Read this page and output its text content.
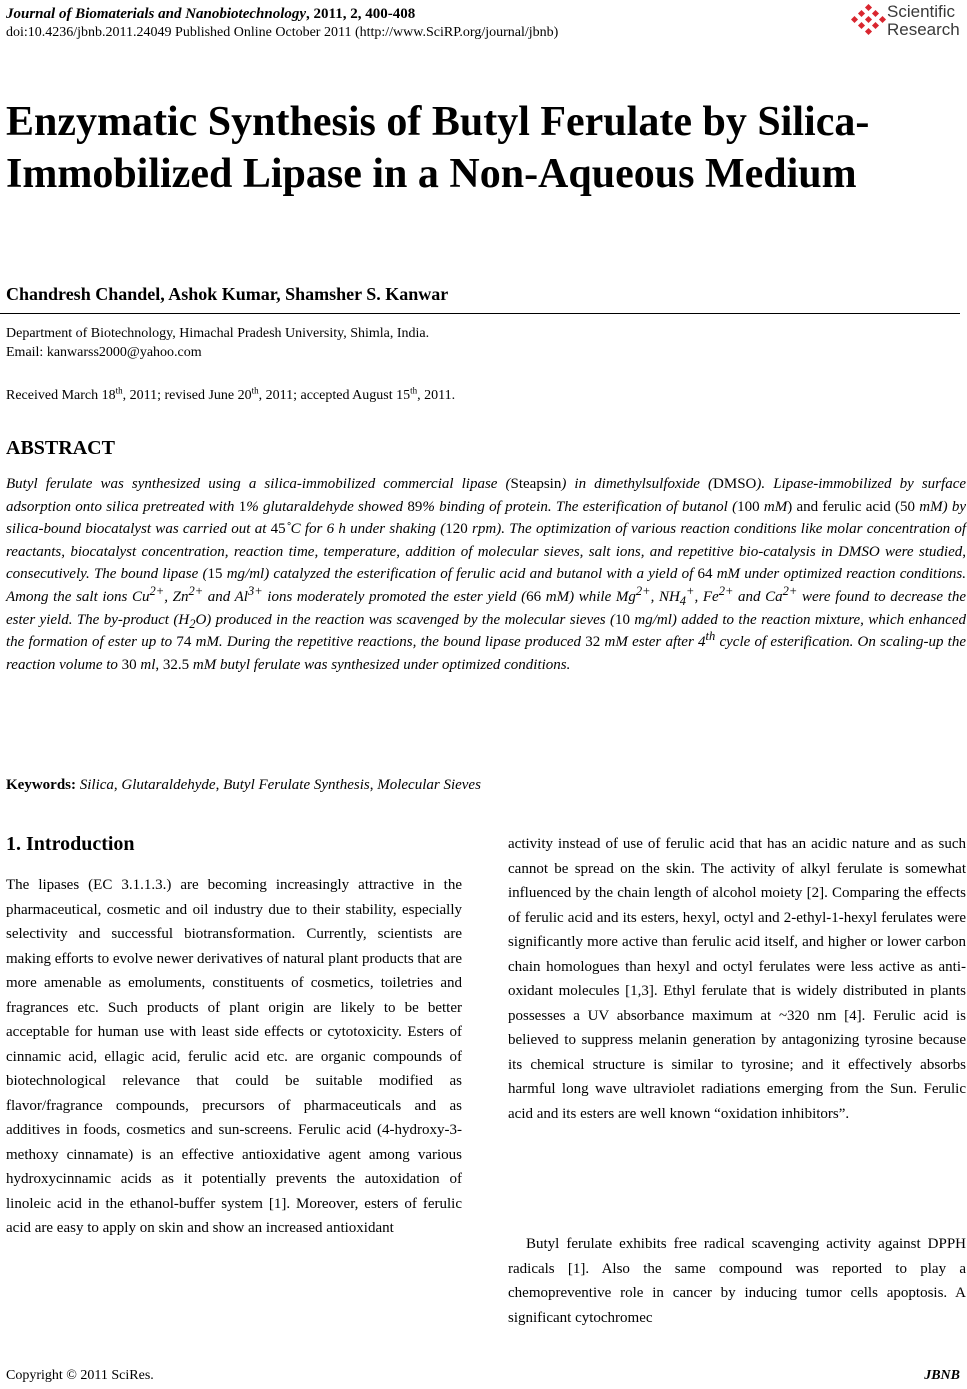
Journal of Biomaterials and Nanobiotechnology, 2011, 2, 400-408
doi:10.4236/jbnb.2011.24049 Published Online October 2011 (http://www.SciRP.org/journal/jbnb)
Scientific
Research
Enzymatic Synthesis of Butyl Ferulate by Silica-Immobilized Lipase in a Non-Aqueous Medium
Chandresh Chandel, Ashok Kumar, Shamsher S. Kanwar
Department of Biotechnology, Himachal Pradesh University, Shimla, India.
Email: kanwarss2000@yahoo.com
Received March 18th, 2011; revised June 20th, 2011; accepted August 15th, 2011.
ABSTRACT

Butyl ferulate was synthesized using a silica-immobilized commercial lipase (Steapsin) in dimethylsulfoxide (DMSO). Lipase-immobilized by surface adsorption onto silica pretreated with 1% glutaraldehyde showed 89% binding of protein. The esterification of butanol (100 mM) and ferulic acid (50 mM) by silica-bound biocatalyst was carried out at 45˚C for 6 h under shaking (120 rpm). The optimization of various reaction conditions like molar concentration of reactants, biocatalyst concentration, reaction time, temperature, addition of molecular sieves, salt ions, and repetitive bio-catalysis in DMSO were studied, consecutively. The bound lipase (15 mg/ml) catalyzed the esterification of ferulic acid and butanol with a yield of 64 mM under optimized reaction conditions. Among the salt ions $Cu^{2+}$, $Zn^{2+}$ and $Al^{3+}$ ions moderately promoted the ester yield (66 mM) while $Mg^{2+}$, $NH_4^+$, $Fe^{2+}$ and $Ca^{2+}$ were found to decrease the ester yield. The by-product $(H_2O)$ produced in the reaction was scavenged by the molecular sieves (10 mg/ml) added to the reaction mixture, which enhanced the formation of ester up to 74 mM. During the repetitive reactions, the bound lipase produced 32 mM ester after 4th cycle of esterification. On scaling-up the reaction volume to 30 ml, 32.5 mM butyl ferulate was synthesized under optimized conditions.

Keywords: Silica, Glutaraldehyde, Butyl Ferulate Synthesis, Molecular Sieves
1. Introduction

The lipases (EC 3.1.1.3.) are becoming increasingly attractive in the pharmaceutical, cosmetic and oil industry due to their stability, especially selectivity and successful biotransformation. Currently, scientists are making efforts to evolve newer derivatives of natural plant products that are more amenable as emoluments, constituents of cosmetics, toiletries and fragrances etc. Such products of plant origin are likely to be better acceptable for human use with least side effects or cytotoxicity. Esters of cinnamic acid, ellagic acid, ferulic acid etc. are organic compounds of biotechnological relevance that could be suitable modified as flavor/fragrance compounds, precursors of pharmaceuticals and as additives in foods, cosmetics and sun-screens. Ferulic acid (4-hydroxy-3-methoxy cinnamate) is an effective antioxidative agent among various hydroxycinnamic acids as it potentially prevents the autoxidation of linoleic acid in the ethanol-buffer system [1]. Moreover, esters of ferulic acid are easy to apply on skin and show an increased antioxidant

activity instead of use of ferulic acid that has an acidic nature and as such cannot be spread on the skin. The activity of alkyl ferulate is somewhat influenced by the chain length of alcohol moiety [2]. Comparing the effects of ferulic acid and its esters, hexyl, octyl and 2-ethyl-1-hexyl ferulates were significantly more active than ferulic acid itself, and higher or lower carbon chain homologues than hexyl and octyl ferulates were less active as anti-oxidant molecules [1,3]. Ethyl ferulate that is widely distributed in plants possesses a UV absorbance maximum at ~320 nm [4]. Ferulic acid is believed to suppress melanin generation by antagonizing tyrosine because its chemical structure is similar to tyrosine; and it effectively absorbs harmful long wave ultraviolet radiations emerging from the Sun. Ferulic acid and its esters are well known “oxidation inhibitors”.

Butyl ferulate exhibits free radical scavenging activity against DPPH radicals [1]. Also the same compound was reported to play a chemopreventive role in cancer by inducing tumor cells apoptosis. A significant cytochromec

Copyright © 2011 SciRes.	JBNB
